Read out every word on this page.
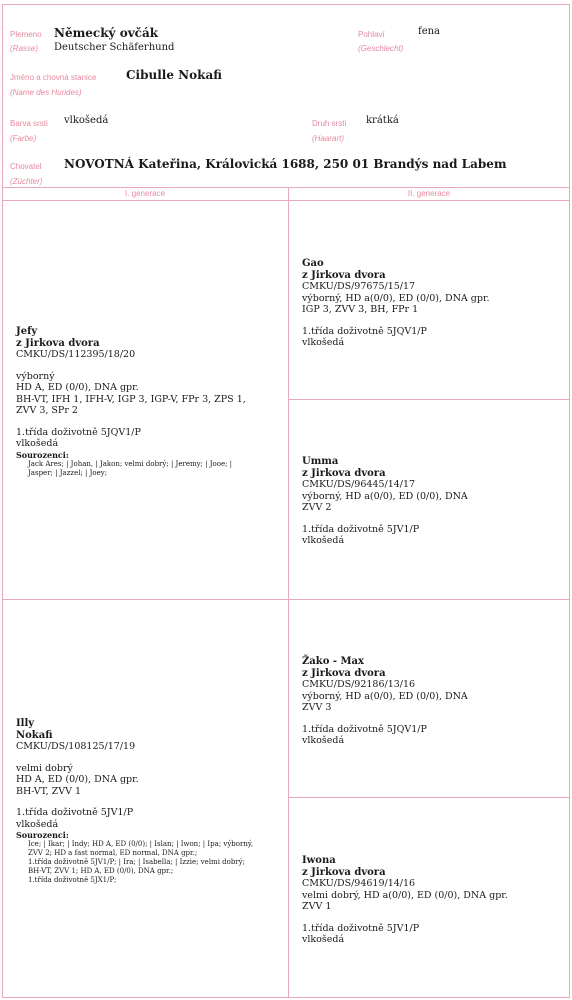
Plemeno
(Rasse)
Německý ovčák
Deutscher Schäferhund
Pohlaví
(Geschlecht)
fena
Jméno a chovná stanice
(Name des Hundes)
Cibulle Nokafi
Barva srsti
(Farbe)
vlkošedá	Druh srsti
(Haarart)
krátká
Chovatel
(Züchter)
NOVOTNÁ Kateřina, Královická 1688, 250 01 Brandýs nad Labem
I. generace	II. generace
Jefy
z Jirkova dvora
CMKU/DS/112395/18/20
výborný
HD A, ED (0/0), DNA gpr.
BH-VT, IFH 1, IFH-V, IGP 3, IGP-V, FPr 3, ZPS 1,
ZVV 3, SPr 2
1.třída doživotně 5JQV1/P
vlkošedá
Sourozenci:
Jack Ares; | Johan, | Jakon; velmi dobrý; | Jeremy; | Jooe; |
Jasper; | Jazzel; | Joey;
Gao
z Jirkova dvora
CMKU/DS/97675/15/17
výborný, HD a(0/0), ED (0/0), DNA gpr.
IGP 3, ZVV 3, BH, FPr 1
1.třída doživotně 5JQV1/P
vlkošedá
Umma
z Jirkova dvora
CMKU/DS/96445/14/17
výborný, HD a(0/0), ED (0/0), DNA
ZVV 2
1.třída doživotně 5JV1/P
vlkošedá
Illy
Nokafi
CMKU/DS/108125/17/19
velmi dobrý
HD A, ED (0/0), DNA gpr.
BH-VT, ZVV 1
1.třída doživotně 5JV1/P
vlkošedá
Sourozenci:
Ice; | Ikar; | Indy; HD A, ED (0/0); | Islan; | Iwon; | Ipa; výborný,
ZVV 2; HD a fast normal, ED normal, DNA gpr.;
1.třída doživotně 5JV1/P; | Ira; | Isabella; | Izzie; velmi dobrý;
BH-VT, ZVV 1; HD A, ED (0/0), DNA gpr.;
1.třída doživotně 5JX1/P;
Žako - Max
z Jirkova dvora
CMKU/DS/92186/13/16
výborný, HD a(0/0), ED (0/0), DNA
ZVV 3
1.třída doživotně 5JQV1/P
vlkošedá
Iwona
z Jirkova dvora
CMKU/DS/94619/14/16
velmi dobrý, HD a(0/0), ED (0/0), DNA gpr.
ZVV 1
1.třída doživotně 5JV1/P
vlkošedá
